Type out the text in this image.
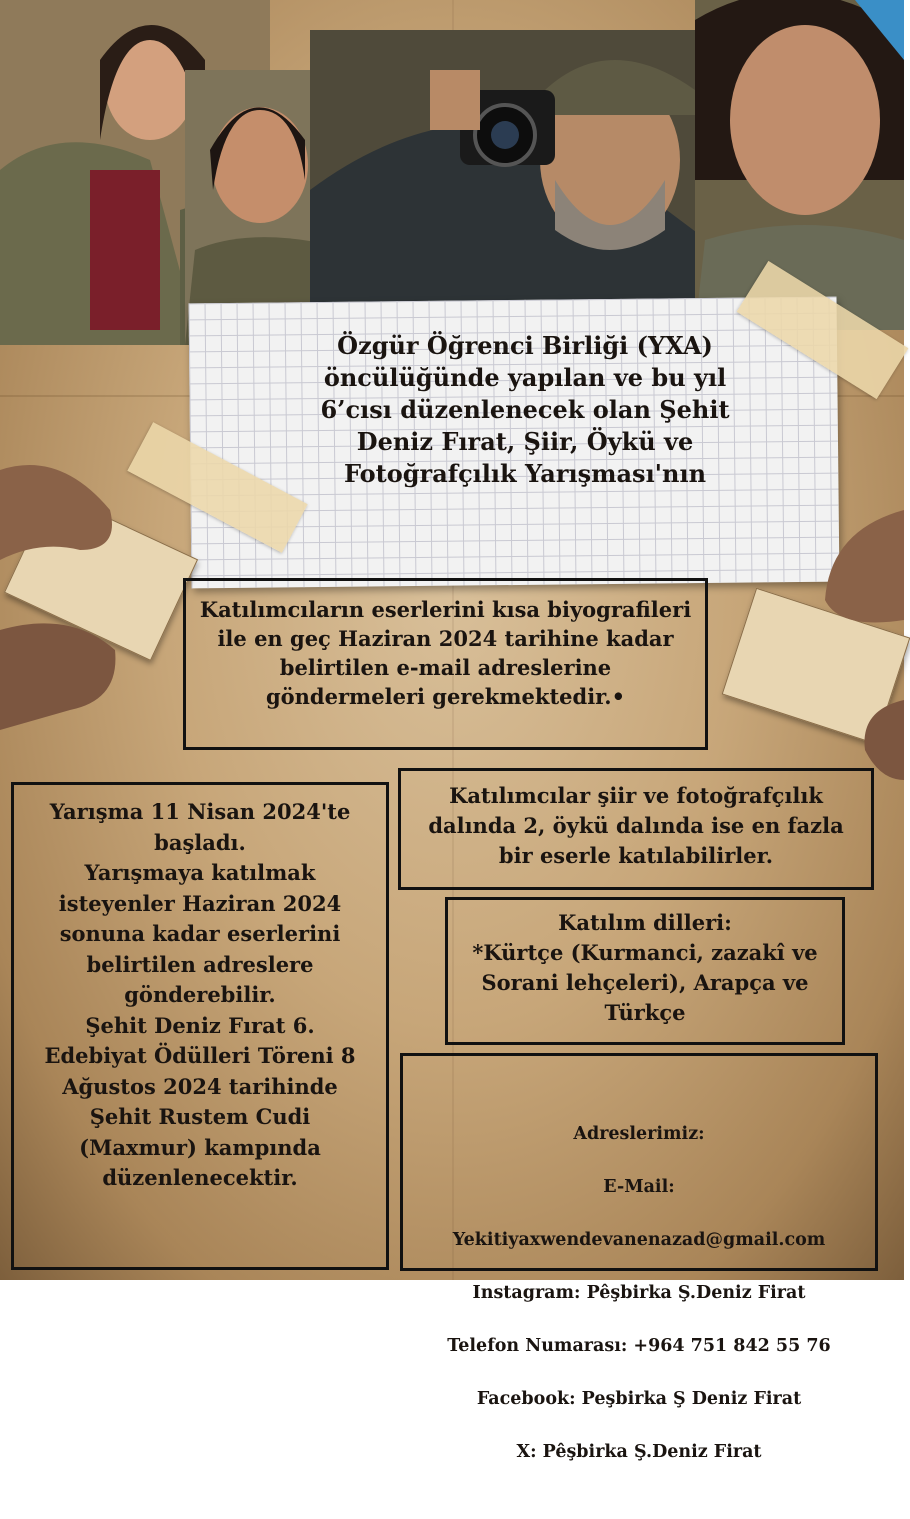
Özgür Öğrenci Birliği (YXA)
öncülüğünde yapılan ve bu yıl
6’cısı düzenlenecek olan Şehit
Deniz Fırat, Şiir, Öykü ve
Fotoğrafçılık Yarışması'nın

Katılımcıların eserlerini kısa biyografileri
ile en geç Haziran 2024 tarihine kadar
belirtilen e-mail adreslerine
göndermeleri gerekmektedir.•

Yarışma 11 Nisan 2024'te
başladı.
Yarışmaya katılmak
isteyenler Haziran 2024
sonuna kadar eserlerini
belirtilen adreslere
gönderebilir.
Şehit Deniz Fırat 6.
Edebiyat Ödülleri Töreni 8
Ağustos 2024 tarihinde
Şehit Rustem Cudi
(Maxmur) kampında
düzenlenecektir.

Katılımcılar şiir ve fotoğrafçılık
dalında 2, öykü dalında ise en fazla
bir eserle katılabilirler.

Katılım dilleri:
*Kürtçe (Kurmanci, zazakî ve
Sorani lehçeleri), Arapça ve
Türkçe

Adreslerimiz:

E-Mail:

Yekitiyaxwendevanenazad@gmail.com

Instagram: Pêşbirka Ş.Deniz Firat

Telefon Numarası: +964 751 842 55 76

Facebook: Peşbirka Ş Deniz Firat

X: Pêşbirka Ş.Deniz Firat
